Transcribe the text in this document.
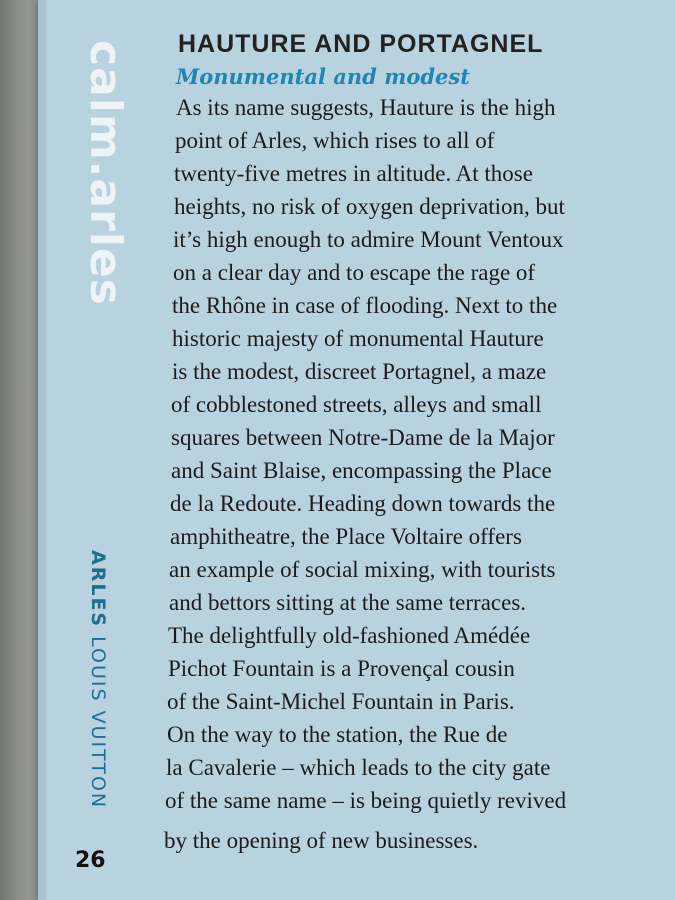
calm.arles
ARLESLOUIS VUITTON
26
HAUTURE AND PORTAGNEL
Monumental and modest
As its name suggests, Hauture is the high
point of Arles, which rises to all of
twenty-five metres in altitude. At those
heights, no risk of oxygen deprivation, but
it’s high enough to admire Mount Ventoux
on a clear day and to escape the rage of
the Rhône in case of flooding. Next to the
historic majesty of monumental Hauture
is the modest, discreet Portagnel, a maze
of cobblestoned streets, alleys and small
squares between Notre-Dame de la Major
and Saint Blaise, encompassing the Place
de la Redoute. Heading down towards the
amphitheatre, the Place Voltaire offers
an example of social mixing, with tourists
and bettors sitting at the same terraces.
The delightfully old-fashioned Amédée
Pichot Fountain is a Provençal cousin
of the Saint-Michel Fountain in Paris.
On the way to the station, the Rue de
la Cavalerie – which leads to the city gate
of the same name – is being quietly revived
by the opening of new businesses.
